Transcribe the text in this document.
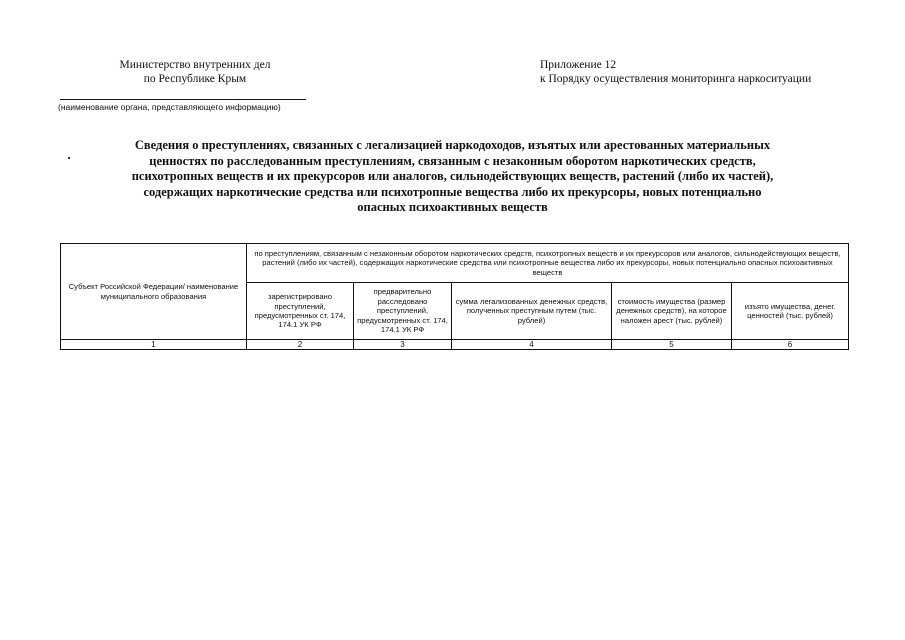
Министерство внутренних дел
по Республике Крым
(наименование органа, представляющего информацию)
Приложение 12
к Порядку осуществления мониторинга наркоситуации
Сведения о преступлениях, связанных с легализацией наркодоходов, изъятых или арестованных материальных
ценностях по расследованным преступлениям, связанным с незаконным оборотом наркотических средств,
психотропных веществ и их прекурсоров или аналогов, сильнодействующих веществ, растений (либо их частей),
содержащих наркотические средства или психотропные вещества либо их прекурсоры, новых потенциально
опасных психоактивных веществ
Субъект Российской Федерации/ наименование муниципального образования	по преступлениям, связанным с незаконным оборотом наркотических средств, психотропных веществ и их прекурсоров или аналогов, сильнодействующих веществ, растений (либо их частей), содержащих наркотические средства или психотропные вещества либо их прекурсоры, новых потенциально опасных психоактивных веществ				
	зарегистрировано преступлений, предусмотренных ст. 174, 174.1 УК РФ	предварительно расследовано преступлений, предусмотренных ст. 174, 174.1 УК РФ	сумма легализованных денежных средств, полученных преступным путем (тыс. рублей)	стоимость имущества (размер денежных средств), на которое наложен арест (тыс. рублей)	изъято имущества, денег. ценностей (тыс. рублей)
1	2	3	4	5	6
